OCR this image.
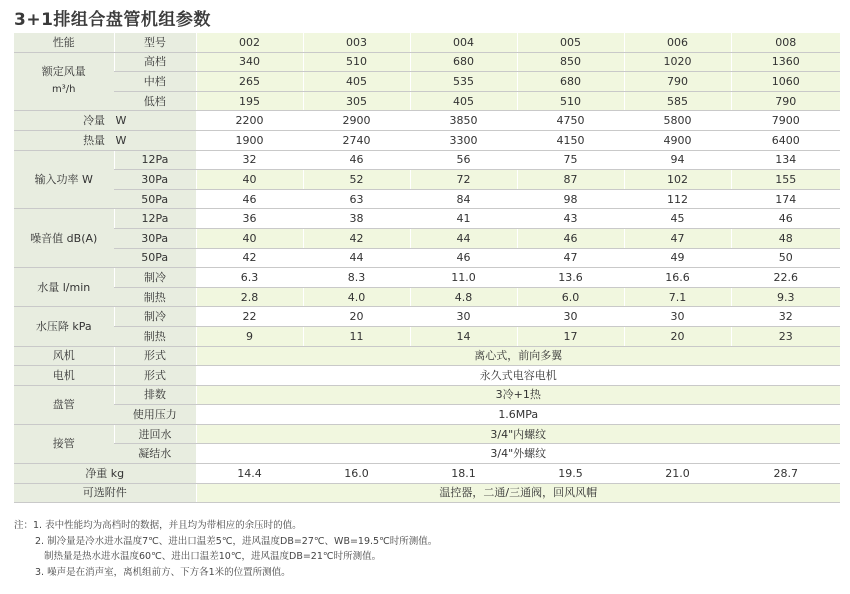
3+1排组合盘管机组参数
性能	型号	002	003	004	005	006	008

额定风量
m³/h	高档	340	510	680	850	1020	1360
	中档	265	405	535	680	790	1060
	低档	195	305	405	510	585	790
冷量   W		2200	2900	3850	4750	5800	7900
热量   W		1900	2740	3300	4150	4900	6400
输入功率 W	12Pa	32	46	56	75	94	134
	30Pa	40	52	72	87	102	155
	50Pa	46	63	84	98	112	174
噪音值 dB(A)	12Pa	36	38	41	43	45	46
	30Pa	40	42	44	46	47	48
	50Pa	42	44	46	47	49	50
水量 l/min	制冷	6.3	8.3	11.0	13.6	16.6	22.6
	制热	2.8	4.0	4.8	6.0	7.1	9.3
水压降 kPa	制冷	22	20	30	30	30	32
	制热	9	11	14	17	20	23
风机	形式	离心式，前向多翼					
电机	形式	永久式电容电机					
盘管	排数	3冷+1热					
	使用压力	1.6MPa					
接管	进回水	3/4"内螺纹					
	凝结水	3/4"外螺纹					
净重 kg		14.4	16.0	18.1	19.5	21.0	28.7
可选附件		温控器，二通/三通阀，回风风帽					
注：1. 表中性能均为高档时的数据，并且均为带相应的余压时的值。
2. 制冷量是冷水进水温度7℃、进出口温差5℃，进风温度DB=27℃、WB=19.5℃时所测值。
制热量是热水进水温度60℃、进出口温差10℃，进风温度DB=21℃时所测值。
3. 噪声是在消声室，离机组前方、下方各1米的位置所测值。
